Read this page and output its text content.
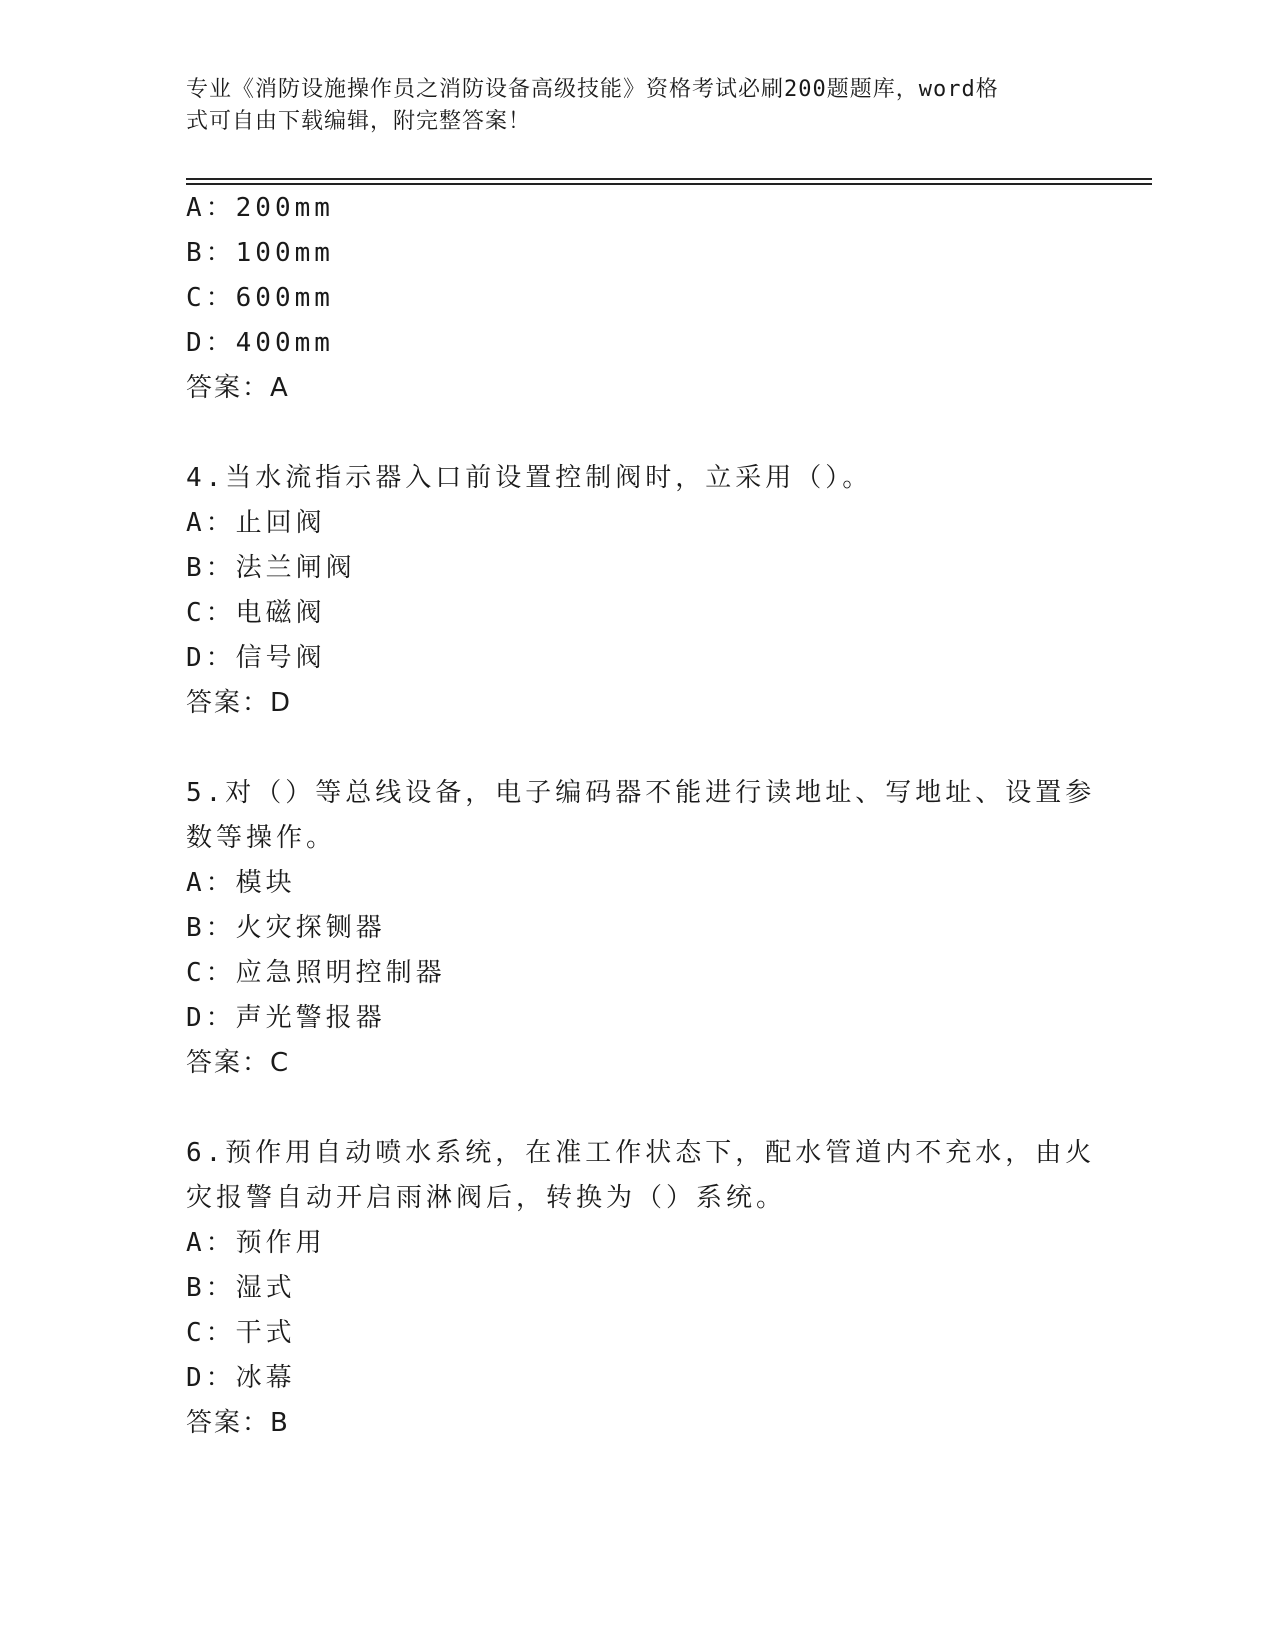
专业《消防设施操作员之消防设备高级技能》资格考试必刷200题题库，word格
式可自由下载编辑，附完整答案！
A：200mm
B：100mm
C：600mm
D：400mm
答案：A
4.当水流指示器入口前设置控制阀时，立采用（）。
A：止回阀
B：法兰闸阀
C：电磁阀
D：信号阀
答案：D
5.对（）等总线设备，电子编码器不能进行读地址、写地址、设置参
数等操作。
A：模块
B：火灾探铡器
C：应急照明控制器
D：声光警报器
答案：C
6.预作用自动喷水系统，在准工作状态下，配水管道内不充水，由火
灾报警自动开启雨淋阀后，转换为（）系统。
A：预作用
B：湿式
C：干式
D：冰幕
答案：B
